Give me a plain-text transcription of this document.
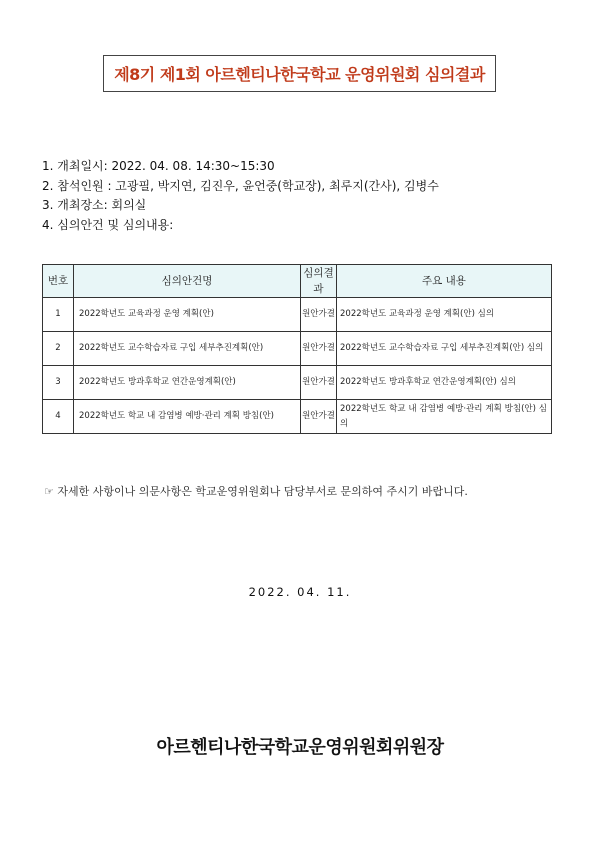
제8기 제1회 아르헨티나한국학교 운영위원회 심의결과
1. 개최일시: 2022. 04. 08. 14:30~15:30
2. 참석인원 : 고광필, 박지연, 김진우, 윤언중(학교장), 최루지(간사), 김병수
3. 개최장소: 회의실
4. 심의안건 및 심의내용:
번호	심의안건명	심의결과	주요 내용
1	2022학년도 교육과정 운영 계획(안)	원안가결	2022학년도 교육과정 운영 계획(안) 심의
2	2022학년도 교수학습자료 구입 세부추진계획(안)	원안가결	2022학년도 교수학습자료 구입 세부추진계획(안) 심의
3	2022학년도 방과후학교 연간운영계획(안)	원안가결	2022학년도 방과후학교 연간운영계획(안) 심의
4	2022학년도 학교 내 감염병 예방·관리 계획 방침(안)	원안가결	2022학년도 학교 내 감염병 예방·관리 계획 방침(안) 심의
☞ 자세한 사항이나 의문사항은 학교운영위원회나 담당부서로 문의하여 주시기 바랍니다.
2022. 04. 11.
아르헨티나한국학교운영위원회위원장
